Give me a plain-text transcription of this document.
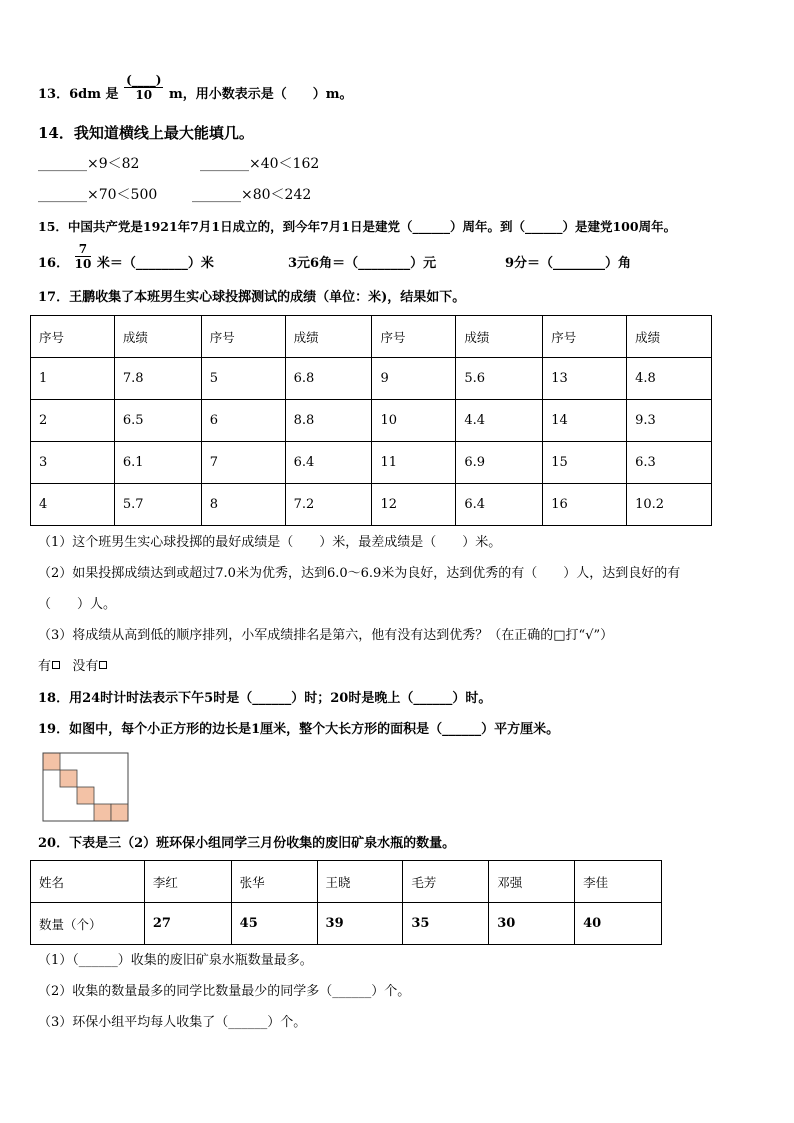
13．6dm 是 $\frac{(\_\_\_\_)}{10}$ m，用小数表示是（　　）m。
14．我知道横线上最大能填几。
_______×9＜82	_______×40＜162
_______×70＜500 _______×80＜242
15．中国共产党是1921年7月1日成立的，到今年7月1日是建党（______）周年。到（______）是建党100周年。
16． $\frac{7}{10}$ 米＝（________）米	3元6角＝（________）元	9分＝（________）角
17．王鹏收集了本班男生实心球投掷测试的成绩（单位：米)，结果如下。
序号	成绩	序号	成绩	序号	成绩	序号	成绩
1	7.8	5	6.8	9	5.6	13	4.8
2	6.5	6	8.8	10	4.4	14	9.3
3	6.1	7	6.4	11	6.9	15	6.3
4	5.7	8	7.2	12	6.4	16	10.2
（1）这个班男生实心球投掷的最好成绩是（　　）米，最差成绩是（　　）米。
（2）如果投掷成绩达到或超过7.0米为优秀，达到6.0～6.9米为良好，达到优秀的有（　　）人，达到良好的有
（　　）人。
（3）将成绩从高到低的顺序排列，小军成绩排名是第六，他有没有达到优秀？（在正确的□打“√”）
有 没有
18．用24时计时法表示下午5时是（______）时；20时是晚上（______）时。
19．如图中，每个小正方形的边长是1厘米，整个大长方形的面积是（______）平方厘米。
20．下表是三（2）班环保小组同学三月份收集的废旧矿泉水瓶的数量。
姓名	李红	张华	王晓	毛芳	邓强	李佳
数量（个）	27	45	39	35	30	40
（1）（______）收集的废旧矿泉水瓶数量最多。
（2）收集的数量最多的同学比数量最少的同学多（______）个。
（3）环保小组平均每人收集了（______）个。
